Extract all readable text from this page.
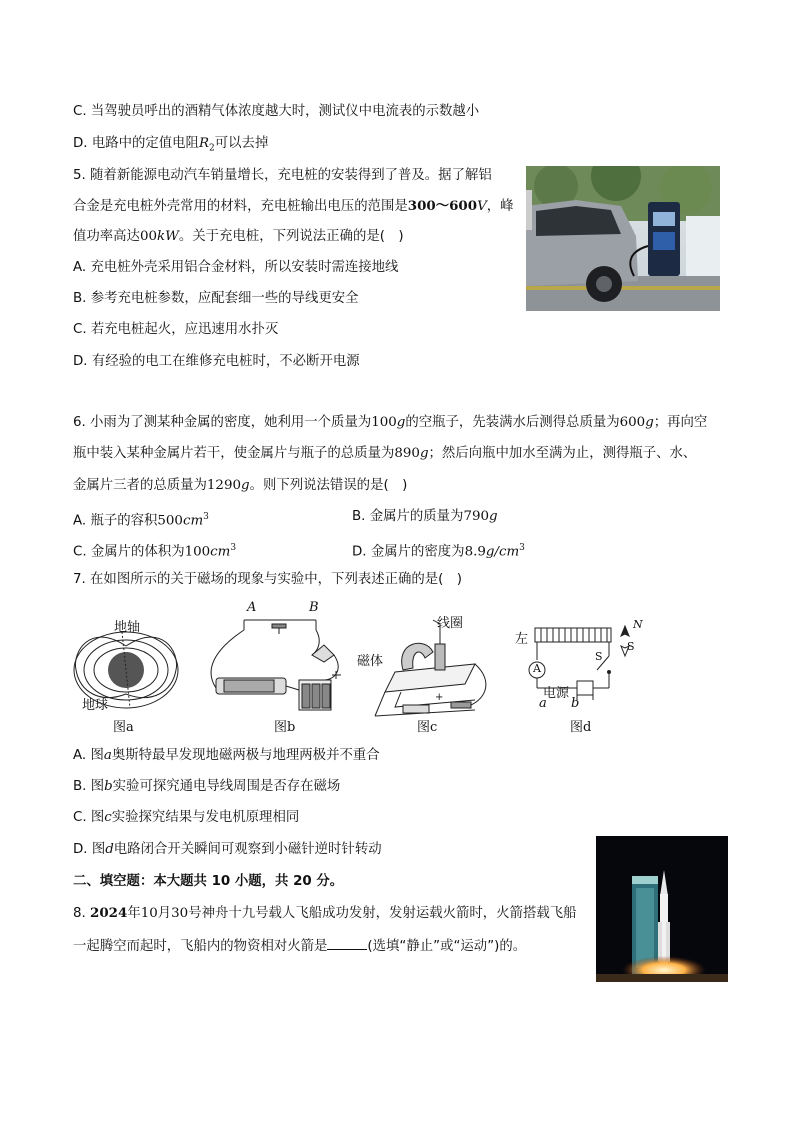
C. 当驾驶员呼出的酒精气体浓度越大时，测试仪中电流表的示数越小
D. 电路中的定值电阻$R_2$可以去掉
5. 随着新能源电动汽车销量增长，充电桩的安装得到了普及。据了解铝
合金是充电桩外壳常用的材料，充电桩输出电压的范围是300～600V，峰
值功率高达00kW。关于充电桩，下列说法正确的是(　)
A. 充电桩外壳采用铝合金材料，所以安装时需连接地线
B. 参考充电桩参数，应配套细一些的导线更安全
C. 若充电桩起火，应迅速用水扑灭
D. 有经验的电工在维修充电桩时，不必断开电源
6. 小雨为了测某种金属的密度，她利用一个质量为100g的空瓶子，先装满水后测得总质量为600g；再向空
瓶中装入某种金属片若干，使金属片与瓶子的总质量为890g；然后向瓶中加水至满为止，测得瓶子、水、
金属片三者的总质量为1290g。则下列说法错误的是(　)
A. 瓶子的容积$500cm^3$	B. 金属片的质量为790g
C. 金属片的体积为$100cm^3$	D. 金属片的密度为$8.9g/cm^3$
7. 在如图所示的关于磁场的现象与实验中，下列表述正确的是(　)
地轴
地球
图a
A	B
图b
线圈
磁体
+
图c
左
N
S
A
S
电源
a b
图d
A. 图a奥斯特最早发现地磁两极与地理两极并不重合
B. 图b实验可探究通电导线周围是否存在磁场
C. 图c实验探究结果与发电机原理相同
D. 图d电路闭合开关瞬间可观察到小磁针逆时针转动
二、填空题：本大题共 10 小题，共 20 分。
8. 2024年10月30号神舟十九号载人飞船成功发射，发射运载火箭时，火箭搭载飞船
一起腾空而起时，飞船内的物资相对火箭是	(选填“静止”或“运动”)的。
